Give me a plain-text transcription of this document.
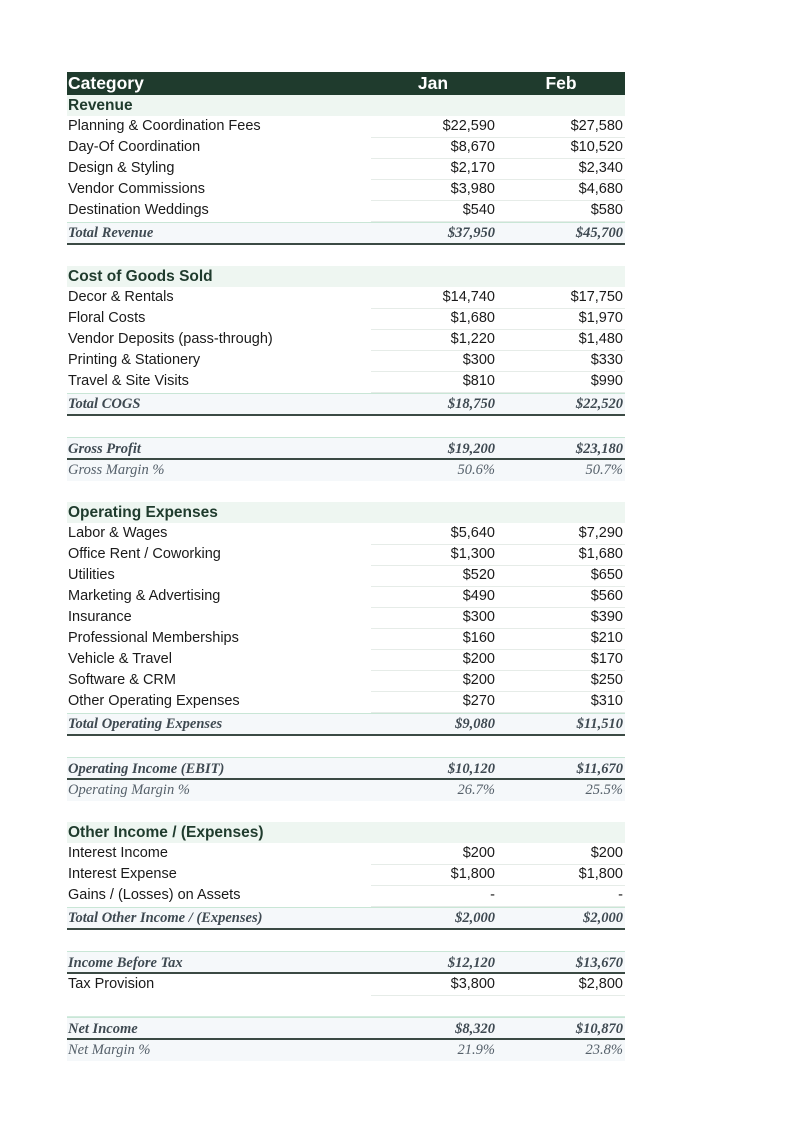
Category	Jan	Feb
Revenue
Planning & Coordination Fees	$22,590	$27,580
Day-Of Coordination	$8,670	$10,520
Design & Styling	$2,170	$2,340
Vendor Commissions	$3,980	$4,680
Destination Weddings	$540	$580
Total Revenue	$37,950	$45,700
Cost of Goods Sold
Decor & Rentals	$14,740	$17,750
Floral Costs	$1,680	$1,970
Vendor Deposits (pass-through)	$1,220	$1,480
Printing & Stationery	$300	$330
Travel & Site Visits	$810	$990
Total COGS	$18,750	$22,520
Gross Profit	$19,200	$23,180
Gross Margin %	50.6%	50.7%
Operating Expenses
Labor & Wages	$5,640	$7,290
Office Rent / Coworking	$1,300	$1,680
Utilities	$520	$650
Marketing & Advertising	$490	$560
Insurance	$300	$390
Professional Memberships	$160	$210
Vehicle & Travel	$200	$170
Software & CRM	$200	$250
Other Operating Expenses	$270	$310
Total Operating Expenses	$9,080	$11,510
Operating Income (EBIT)	$10,120	$11,670
Operating Margin %	26.7%	25.5%
Other Income / (Expenses)
Interest Income	$200	$200
Interest Expense	$1,800	$1,800
Gains / (Losses) on Assets	-	-
Total Other Income / (Expenses)	$2,000	$2,000
Income Before Tax	$12,120	$13,670
Tax Provision	$3,800	$2,800
Net Income	$8,320	$10,870
Net Margin %	21.9%	23.8%
